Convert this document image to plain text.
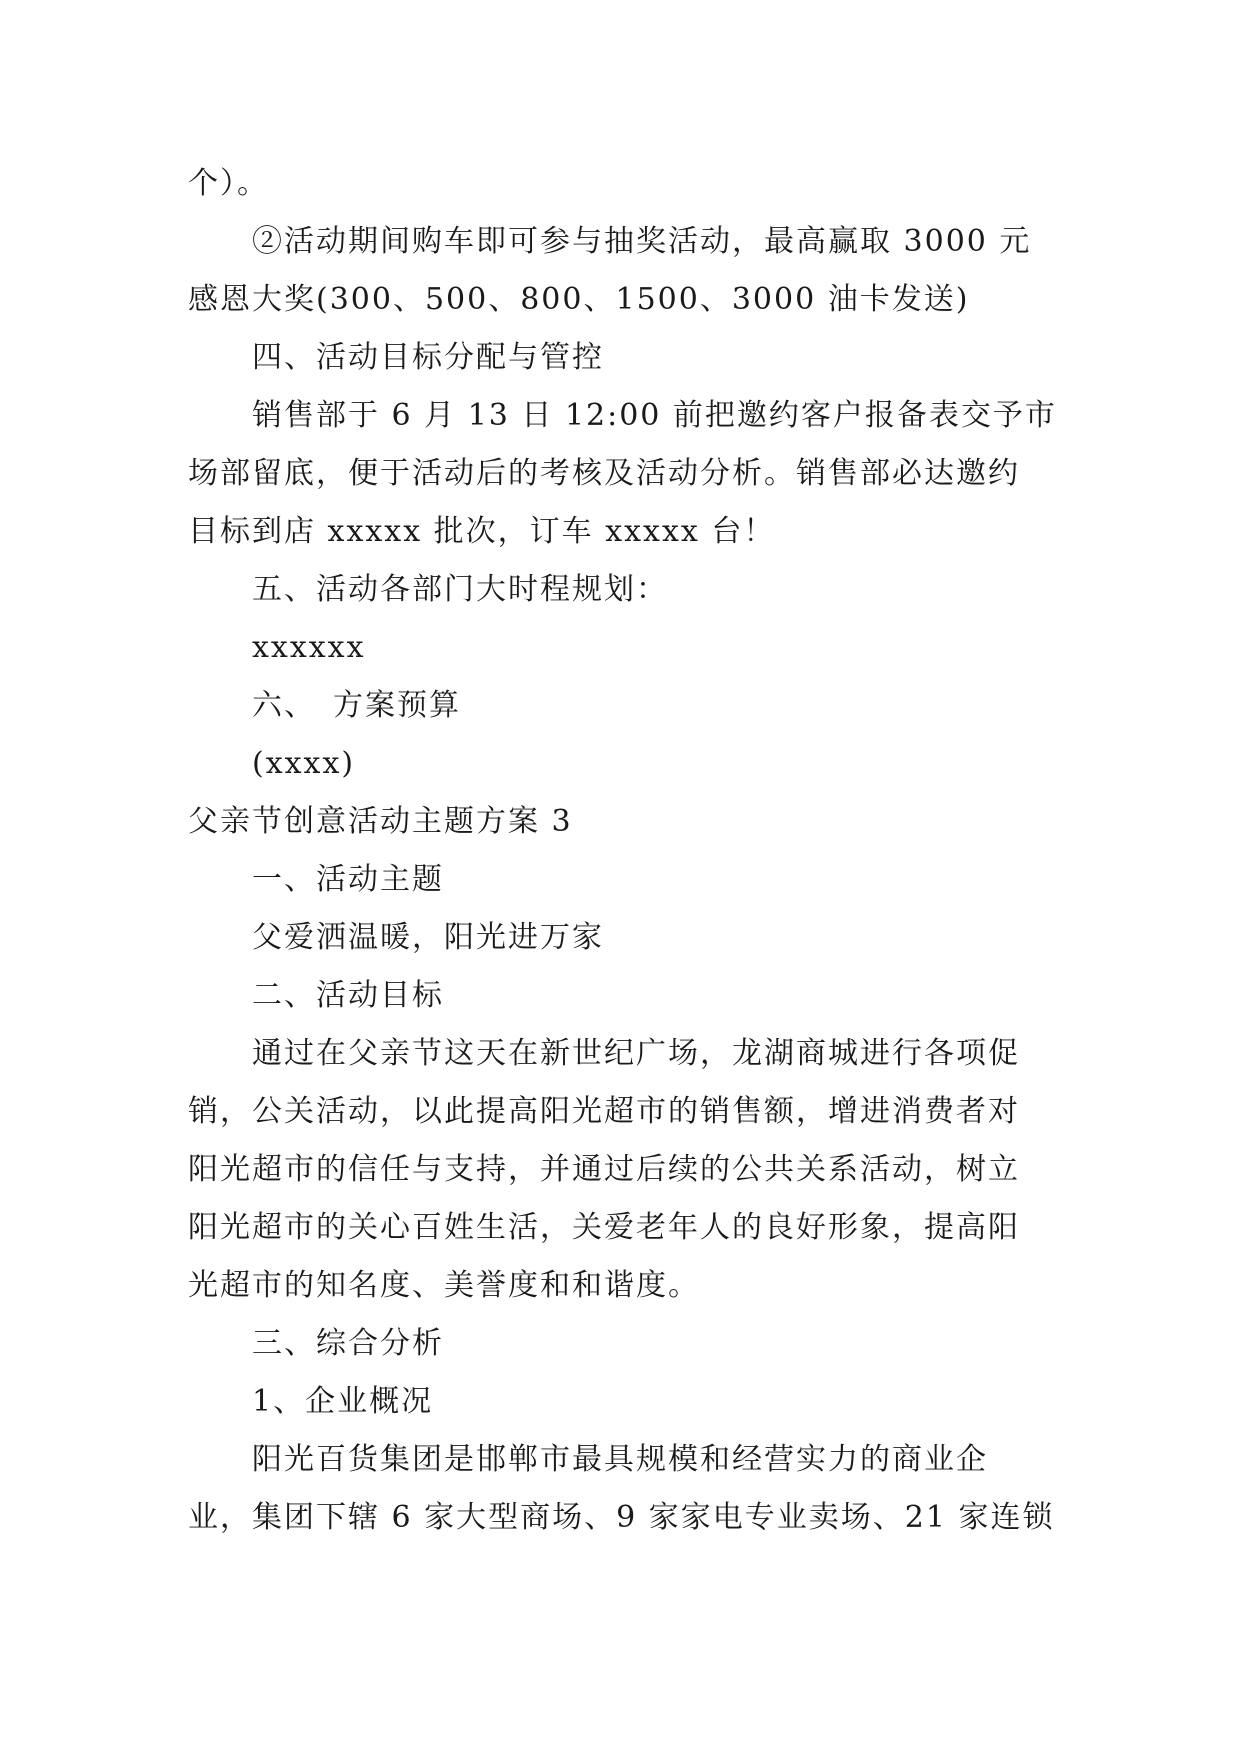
个）。
②活动期间购车即可参与抽奖活动，最高赢取 3000 元
感恩大奖(300、500、800、1500、3000 油卡发送)
四、活动目标分配与管控
销售部于 6 月 13 日 12:00 前把邀约客户报备表交予市
场部留底，便于活动后的考核及活动分析。销售部必达邀约
目标到店 xxxxx 批次，订车 xxxxx 台！
五、活动各部门大时程规划：
xxxxxx
六、　方案预算
(xxxx)
父亲节创意活动主题方案 3
一、活动主题
父爱洒温暖，阳光进万家
二、活动目标
通过在父亲节这天在新世纪广场，龙湖商城进行各项促
销，公关活动，以此提高阳光超市的销售额，增进消费者对
阳光超市的信任与支持，并通过后续的公共关系活动，树立
阳光超市的关心百姓生活，关爱老年人的良好形象，提高阳
光超市的知名度、美誉度和和谐度。
三、综合分析
1、企业概况
阳光百货集团是邯郸市最具规模和经营实力的商业企
业，集团下辖 6 家大型商场、9 家家电专业卖场、21 家连锁
